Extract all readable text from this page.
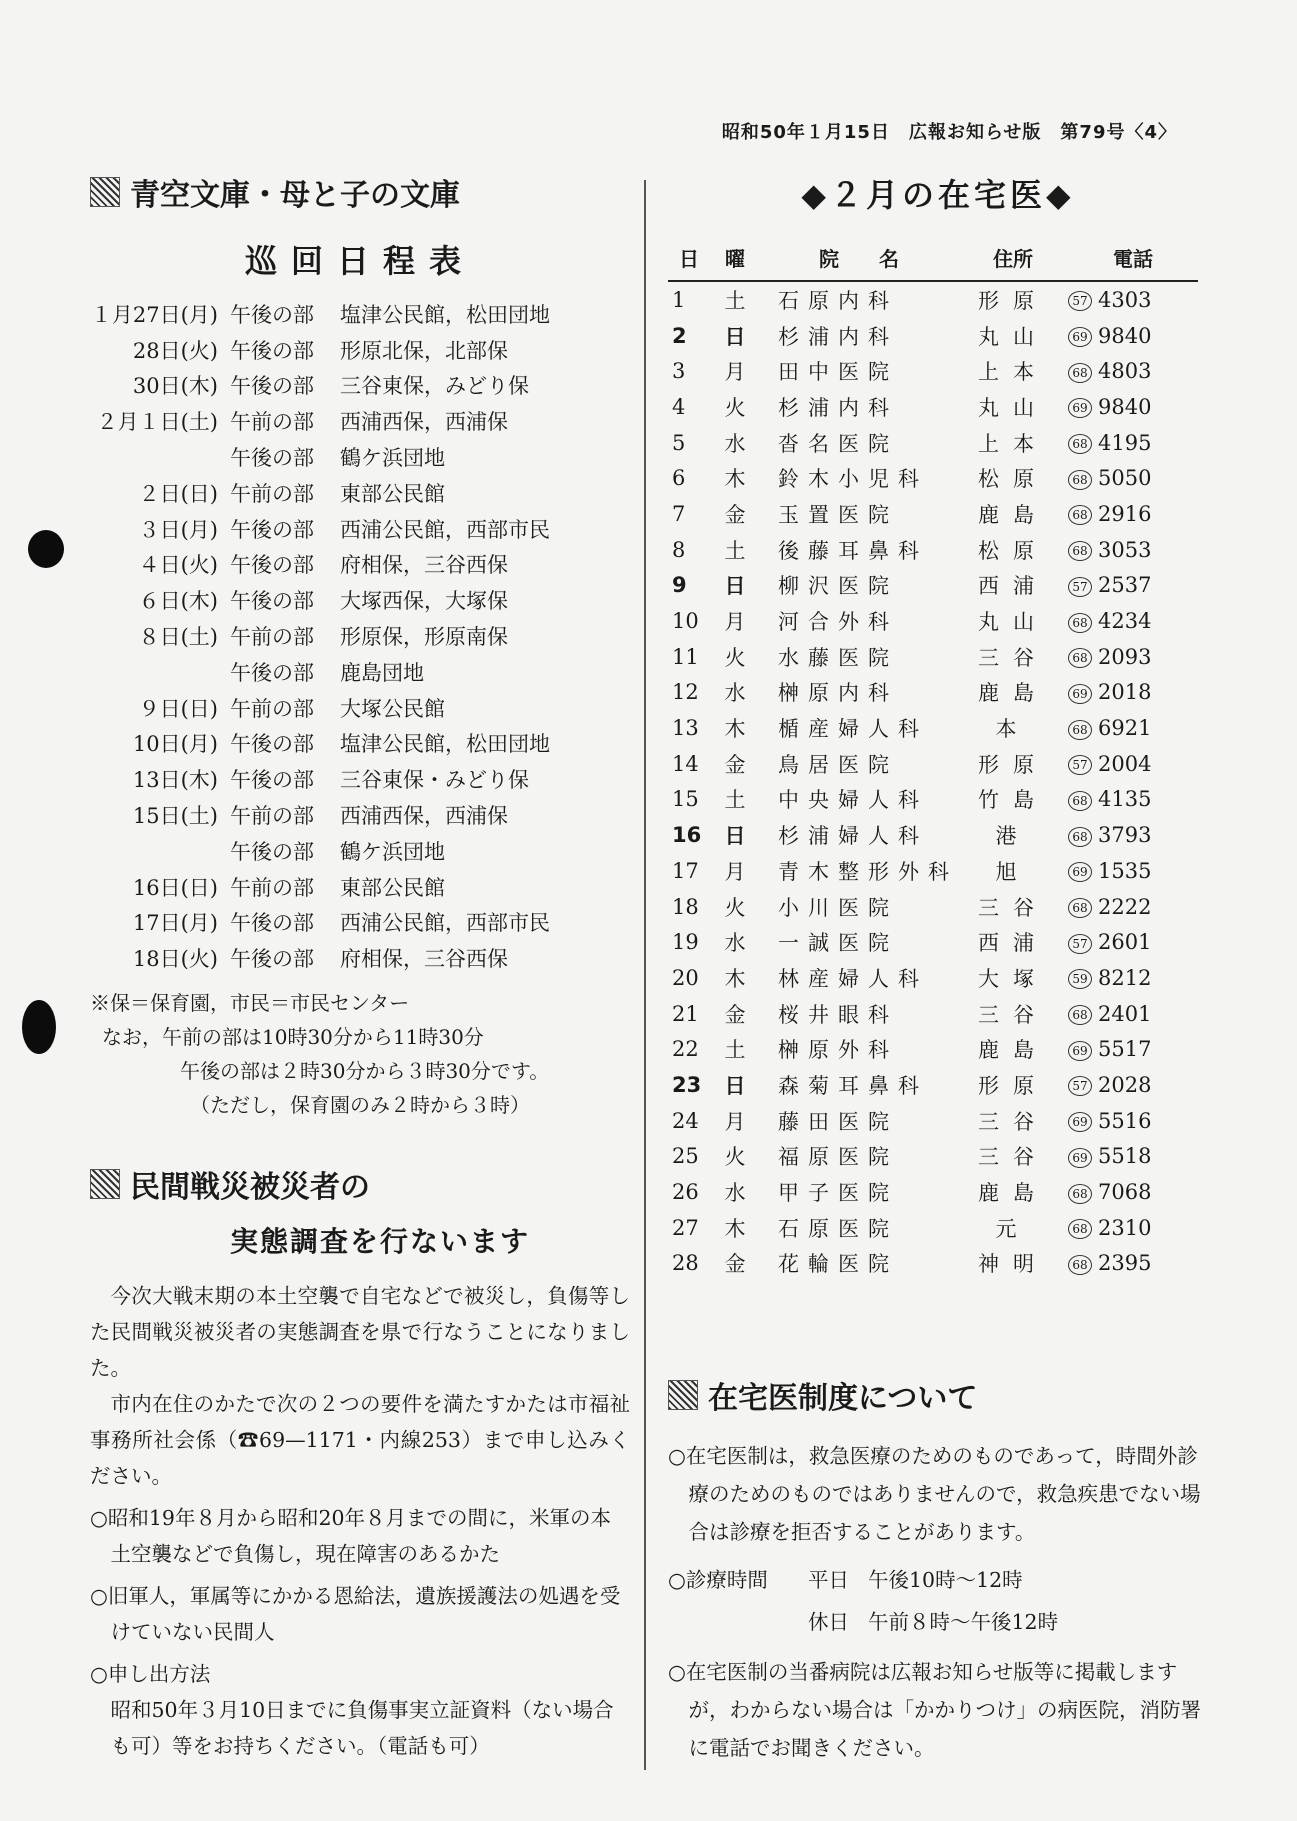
昭和50年１月15日　広報お知らせ版　第79号〈4〉
青空文庫・母と子の文庫
巡回日程表
１月27日(月) 午後の部	塩津公民館，松田団地
28日(火) 午後の部	形原北保，北部保
30日(木) 午後の部	三谷東保，みどり保
２月１日(土) 午前の部	西浦西保，西浦保
午後の部	鶴ケ浜団地
２日(日) 午前の部	東部公民館
３日(月) 午後の部	西浦公民館，西部市民
４日(火) 午後の部	府相保，三谷西保
６日(木) 午後の部	大塚西保，大塚保
８日(土) 午前の部	形原保，形原南保
午後の部	鹿島団地
９日(日) 午前の部	大塚公民館
10日(月) 午後の部	塩津公民館，松田団地
13日(木) 午後の部	三谷東保・みどり保
15日(土) 午前の部	西浦西保，西浦保
午後の部	鶴ケ浜団地
16日(日) 午前の部	東部公民館
17日(月) 午後の部	西浦公民館，西部市民
18日(火) 午後の部	府相保，三谷西保
※保＝保育園，市民＝市民センター
なお，午前の部は10時30分から11時30分
午後の部は２時30分から３時30分です。
（ただし，保育園のみ２時から３時）
民間戦災被災者の
実態調査を行ないます

今次大戦末期の本土空襲で自宅などで被災し，負傷等した民間戦災被災者の実態調査を県で行なうことになりました。

市内在住のかたで次の２つの要件を満たすかたは市福祉事務所社会係（☎69—1171・内線253）まで申し込みください。

○昭和19年８月から昭和20年８月までの間に，米軍の本土空襲などで負傷し，現在障害のあるかた

○旧軍人，軍属等にかかる恩給法，遺族援護法の処遇を受けていない民間人

○申し出方法

昭和50年３月10日までに負傷事実立証資料（ない場合も可）等をお持ちください。（電話も可）

◆２月の在宅医◆
日	曜	院　　名	住所	電話
1	土	石原内科	形原	57 4303
2	日	杉浦内科	丸山	69 9840
3	月	田中医院	上本	68 4803
4	火	杉浦内科	丸山	69 9840
5	水	沓名医院	上本	68 4195
6	木	鈴木小児科	松原	68 5050
7	金	玉置医院	鹿島	68 2916
8	土	後藤耳鼻科	松原	68 3053
9	日	柳沢医院	西浦	57 2537
10	月	河合外科	丸山	68 4234
11	火	水藤医院	三谷	68 2093
12	水	榊原内科	鹿島	69 2018
13	木	楯産婦人科	本	68 6921
14	金	鳥居医院	形原	57 2004
15	土	中央婦人科	竹島	68 4135
16	日	杉浦婦人科	港	68 3793
17	月	青木整形外科	旭	69 1535
18	火	小川医院	三谷	68 2222
19	水	一誠医院	西浦	57 2601
20	木	林産婦人科	大塚	59 8212
21	金	桜井眼科	三谷	68 2401
22	土	榊原外科	鹿島	69 5517
23	日	森菊耳鼻科	形原	57 2028
24	月	藤田医院	三谷	69 5516
25	火	福原医院	三谷	69 5518
26	水	甲子医院	鹿島	68 7068
27	木	石原医院	元	68 2310
28	金	花輪医院	神明	68 2395
在宅医制度について

○在宅医制は，救急医療のためのものであって，時間外診療のためのものではありませんので，救急疾患でない場合は診療を拒否することがあります。

○診療時間	平日 午後10時～12時
休日 午前８時～午後12時

○在宅医制の当番病院は広報お知らせ版等に掲載しますが，わからない場合は「かかりつけ」の病医院，消防署に電話でお聞きください。
